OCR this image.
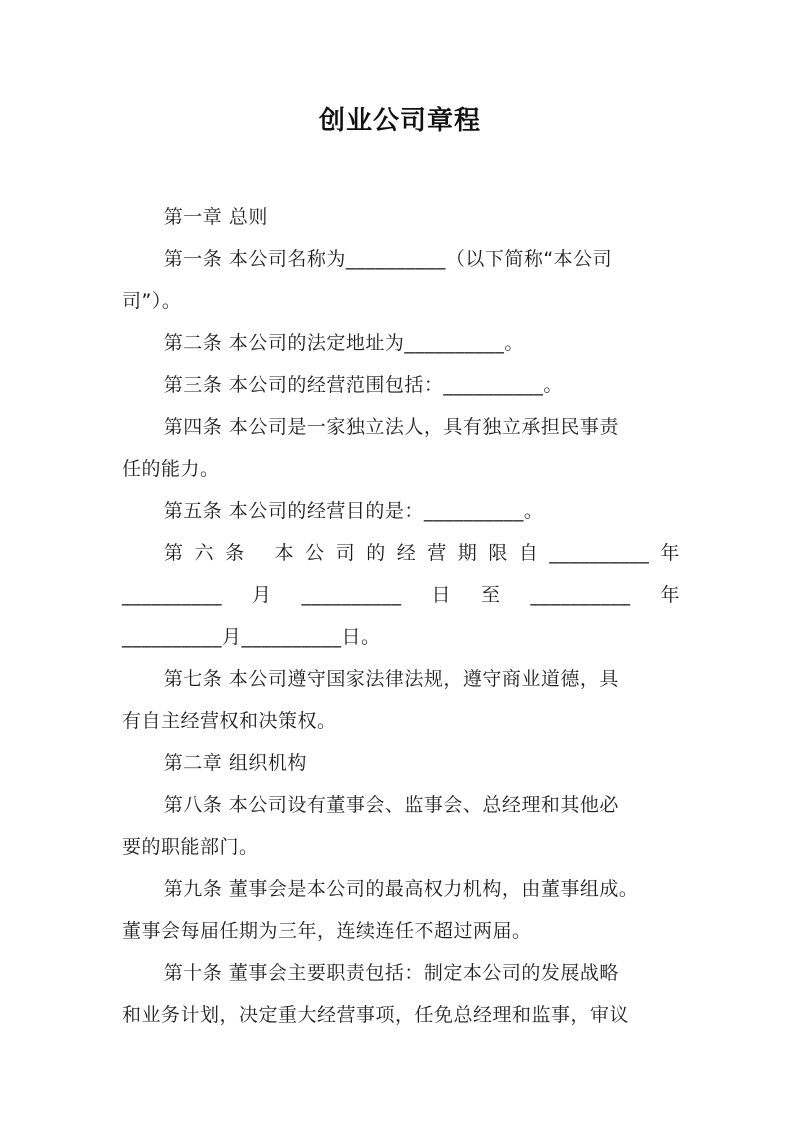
创业公司章程

第一章 总则

第一条 本公司名称为__________（以下简称“本公司

司”）。

第二条 本公司的法定地址为__________。

第三条 本公司的经营范围包括：__________。

第四条 本公司是一家独立法人，具有独立承担民事责

任的能力。

第五条 本公司的经营目的是：__________。

第 六 条 本 公 司 的 经 营 期 限 自 __________ 年
__________ 月 __________ 日 至 __________ 年
__________月__________日。

第七条 本公司遵守国家法律法规，遵守商业道德，具

有自主经营权和决策权。

第二章 组织机构

第八条 本公司设有董事会、监事会、总经理和其他必

要的职能部门。

第九条 董事会是本公司的最高权力机构，由董事组成。

董事会每届任期为三年，连续连任不超过两届。

第十条 董事会主要职责包括：制定本公司的发展战略

和业务计划，决定重大经营事项，任免总经理和监事，审议
